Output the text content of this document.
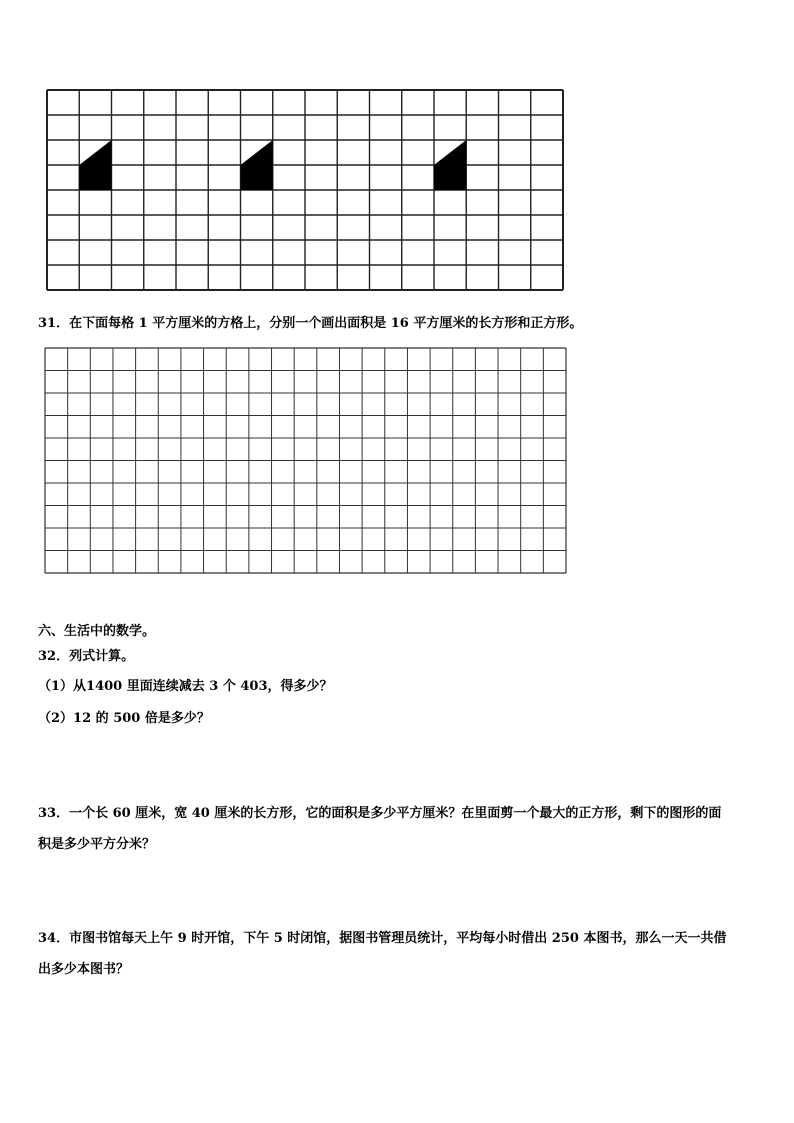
31．在下面每格 1 平方厘米的方格上，分别一个画出面积是 16 平方厘米的长方形和正方形。
六、生活中的数学。
32．列式计算。
（1）从1400 里面连续减去 3 个 403，得多少？
（2）12 的 500 倍是多少？
33．一个长 60 厘米，宽 40 厘米的长方形，它的面积是多少平方厘米？在里面剪一个最大的正方形，剩下的图形的面
积是多少平方分米？
34．市图书馆每天上午 9 时开馆，下午 5 时闭馆，据图书管理员统计，平均每小时借出 250 本图书，那么一天一共借
出多少本图书？
